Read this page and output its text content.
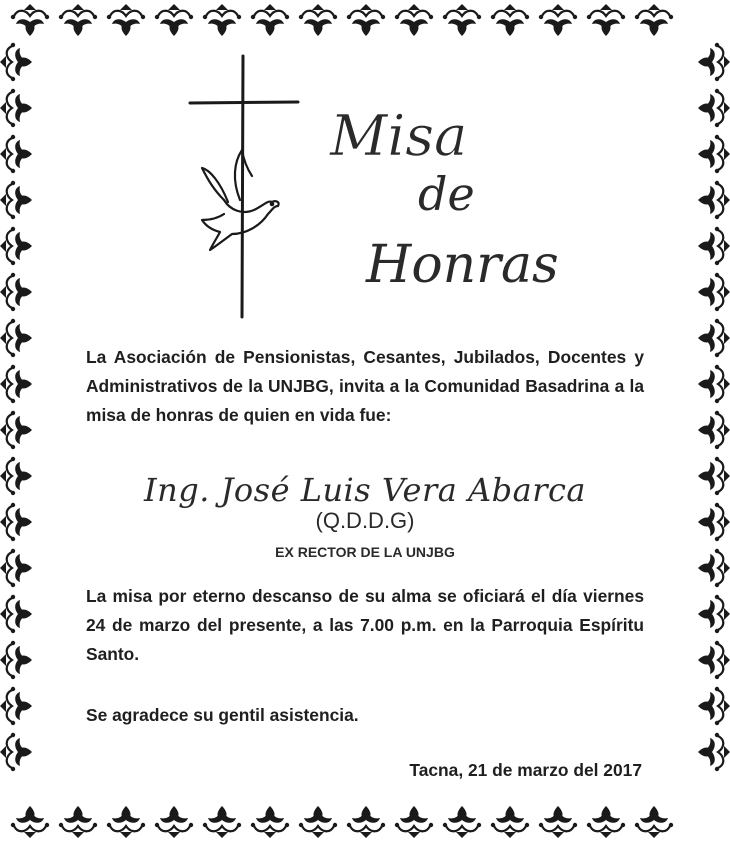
Misa
de
Honras
La Asociación de Pensionistas, Cesantes, Jubilados, Docentes y Administrativos de la UNJBG, invita a la Comunidad Basadrina a la misa de honras de quien en vida fue:
Ing. José Luis Vera Abarca
(Q.D.D.G)
EX RECTOR DE LA UNJBG
La misa por eterno descanso de su alma se oficiará el día viernes 24 de marzo del presente, a las 7.00 p.m. en la Parroquia Espíritu Santo.
Se agradece su gentil asistencia.
Tacna, 21 de marzo del 2017
